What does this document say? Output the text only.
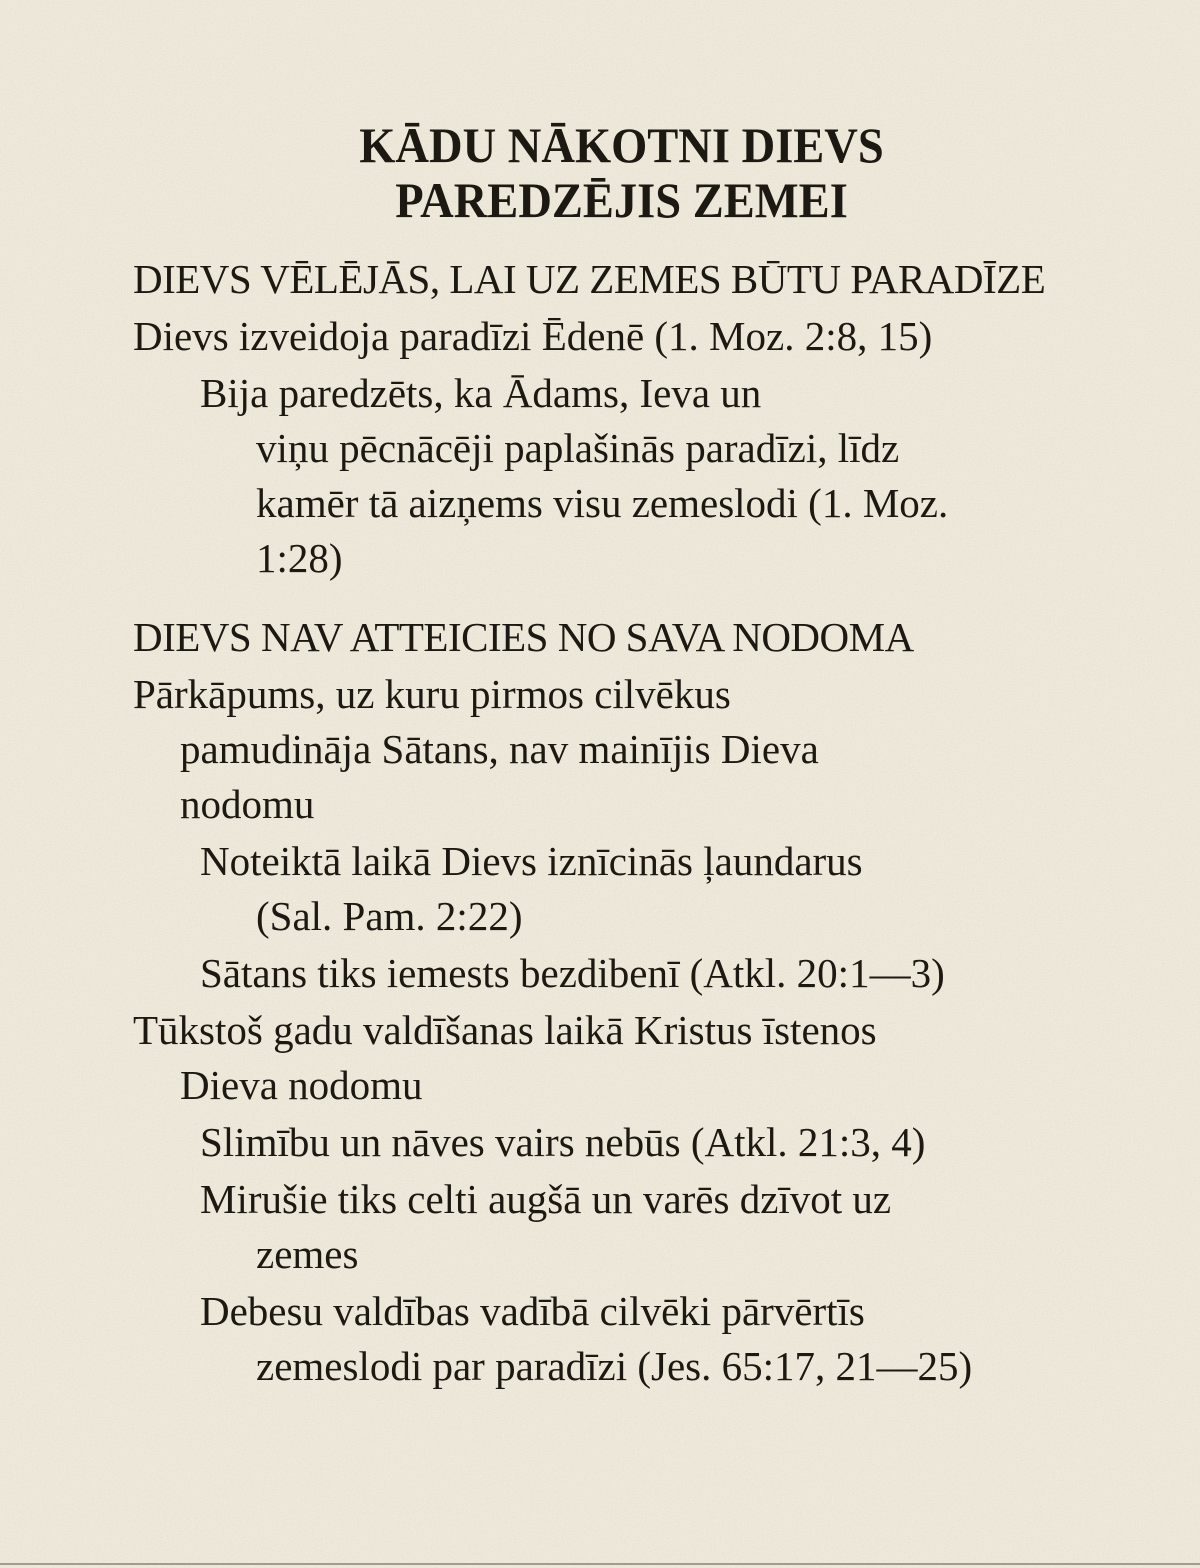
KĀDU NĀKOTNI DIEVS
PAREDZĒJIS ZEMEI
DIEVS VĒLĒJĀS, LAI UZ ZEMES BŪTU PARADĪZE
Dievs izveidoja paradīzi Ēdenē (1. Moz. 2:8, 15)
Bija paredzēts, ka Ādams, Ieva un
viņu pēcnācēji paplašinās paradīzi, līdz
kamēr tā aizņems visu zemeslodi (1. Moz.
1:28)
DIEVS NAV ATTEICIES NO SAVA NODOMA
Pārkāpums, uz kuru pirmos cilvēkus
pamudināja Sātans, nav mainījis Dieva
nodomu
Noteiktā laikā Dievs iznīcinās ļaundarus
(Sal. Pam. 2:22)
Sātans tiks iemests bezdibenī (Atkl. 20:1—3)
Tūkstoš gadu valdīšanas laikā Kristus īstenos
Dieva nodomu
Slimību un nāves vairs nebūs (Atkl. 21:3, 4)
Mirušie tiks celti augšā un varēs dzīvot uz
zemes
Debesu valdības vadībā cilvēki pārvērtīs
zemeslodi par paradīzi (Jes. 65:17, 21—25)
